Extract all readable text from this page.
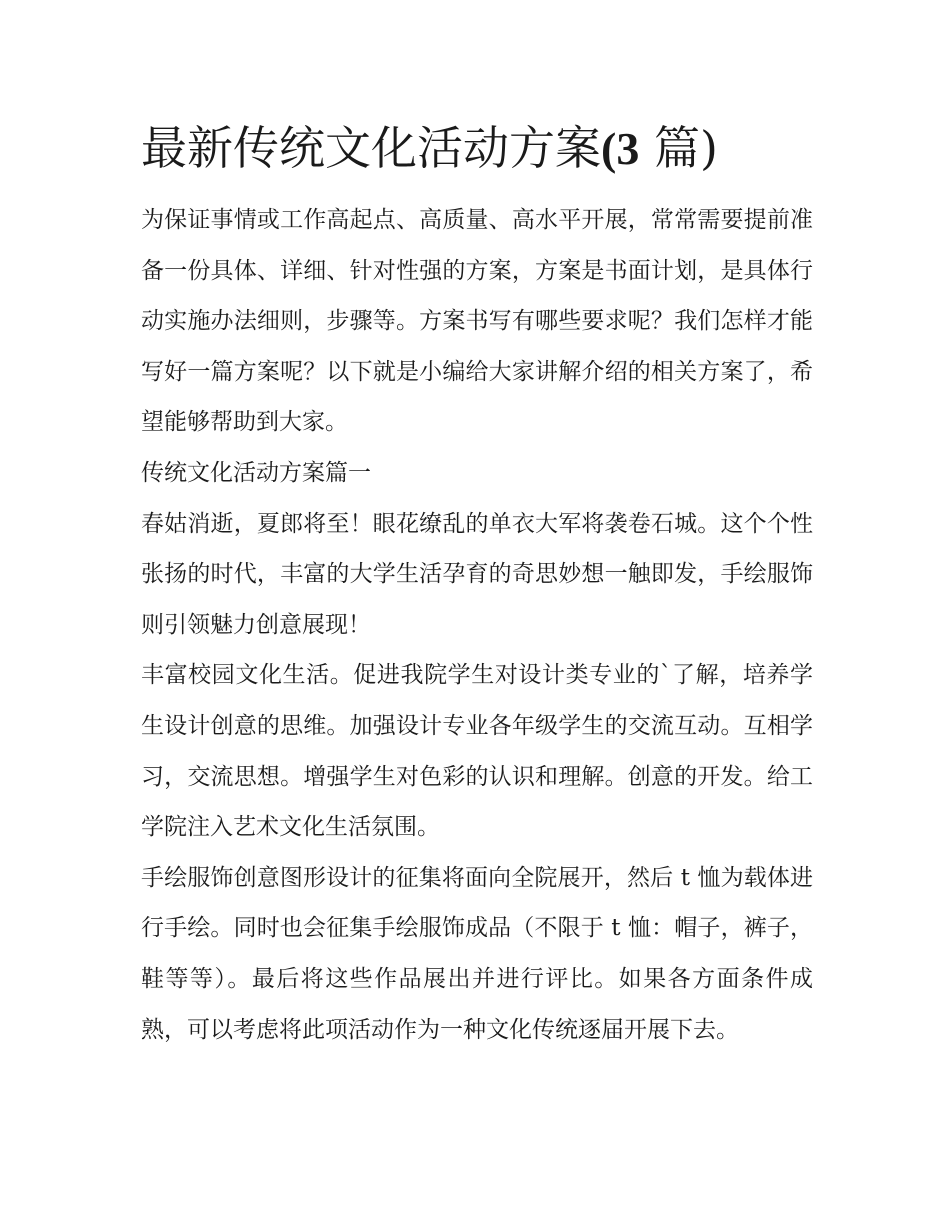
最新传统文化活动方案(3 篇)

为保证事情或工作高起点、高质量、高水平开展，常常需要提前准备一份具体、详细、针对性强的方案，方案是书面计划，是具体行动实施办法细则，步骤等。方案书写有哪些要求呢？我们怎样才能写好一篇方案呢？以下就是小编给大家讲解介绍的相关方案了，希望能够帮助到大家。

传统文化活动方案篇一

春姑消逝，夏郎将至！眼花缭乱的单衣大军将袭卷石城。这个个性张扬的时代，丰富的大学生活孕育的奇思妙想一触即发，手绘服饰则引领魅力创意展现！

丰富校园文化生活。促进我院学生对设计类专业的`了解，培养学生设计创意的思维。加强设计专业各年级学生的交流互动。互相学习，交流思想。增强学生对色彩的认识和理解。创意的开发。给工学院注入艺术文化生活氛围。

手绘服饰创意图形设计的征集将面向全院展开，然后 t 恤为载体进行手绘。同时也会征集手绘服饰成品（不限于 t 恤：帽子，裤子，鞋等等）。最后将这些作品展出并进行评比。如果各方面条件成熟，可以考虑将此项活动作为一种文化传统逐届开展下去。
